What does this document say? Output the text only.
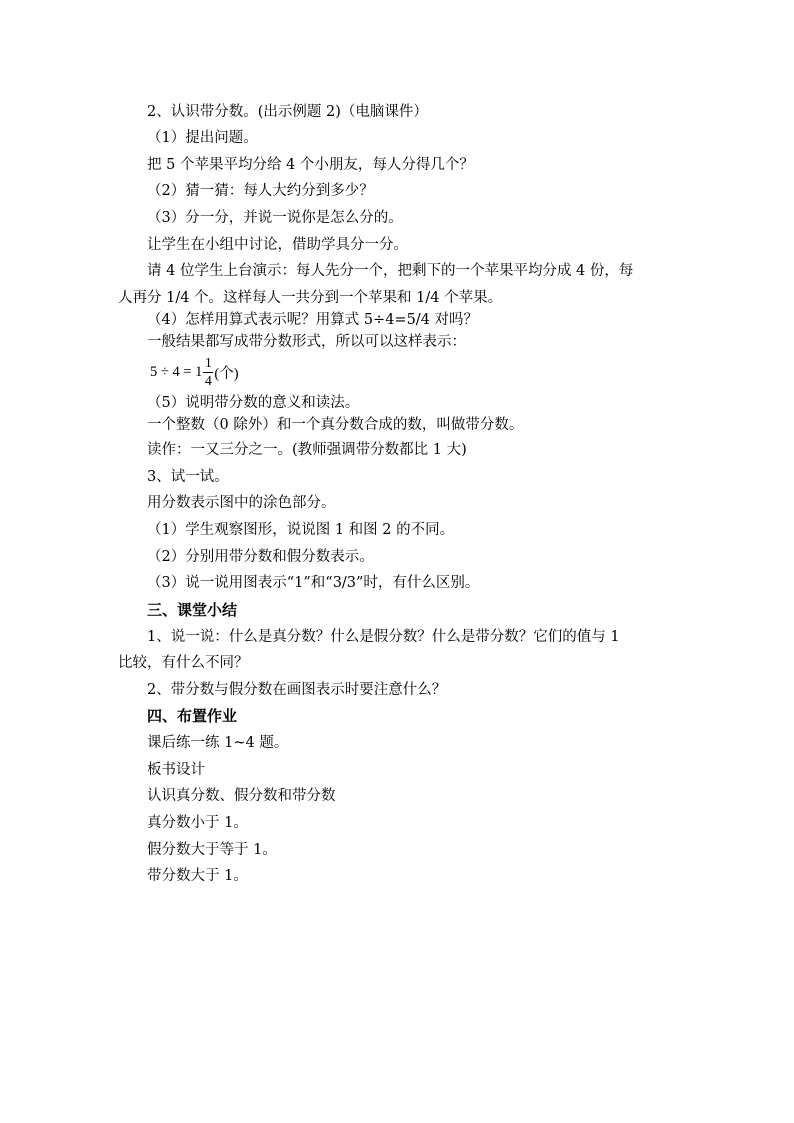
2、认识带分数。(出示例题 2)（电脑课件）
（1）提出问题。
把 5 个苹果平均分给 4 个小朋友，每人分得几个？
（2）猜一猜：每人大约分到多少？
（3）分一分，并说一说你是怎么分的。
让学生在小组中讨论，借助学具分一分。
请 4 位学生上台演示：每人先分一个，把剩下的一个苹果平均分成 4 份，每
人再分 1/4 个。这样每人一共分到一个苹果和 1/4 个苹果。
（4）怎样用算式表示呢？用算式 5÷4=5/4 对吗？
一般结果都写成带分数形式，所以可以这样表示：
$5 \div 4 = 1 \frac{1}{4}$ (个)
（5）说明带分数的意义和读法。
一个整数（0 除外）和一个真分数合成的数，叫做带分数。
读作：一又三分之一。(教师强调带分数都比 1 大)
3、试一试。
用分数表示图中的涂色部分。
（1）学生观察图形，说说图 1 和图 2 的不同。
（2）分别用带分数和假分数表示。
（3）说一说用图表示“1”和“3/3”时，有什么区别。
三、课堂小结
1、说一说：什么是真分数？什么是假分数？什么是带分数？它们的值与 1
比较，有什么不同？
2、带分数与假分数在画图表示时要注意什么？
四、布置作业
课后练一练 1~4 题。
板书设计
认识真分数、假分数和带分数
真分数小于 1。
假分数大于等于 1。
带分数大于 1。
